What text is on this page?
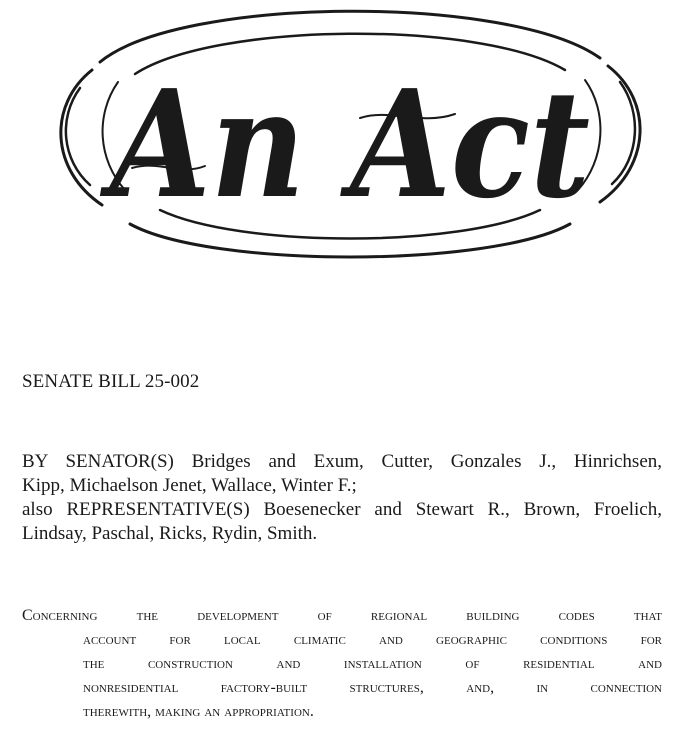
An Act
SENATE BILL 25-002
BY SENATOR(S) Bridges and Exum, Cutter, Gonzales J., Hinrichsen,
Kipp, Michaelson Jenet, Wallace, Winter F.;
also REPRESENTATIVE(S) Boesenecker and Stewart R., Brown, Froelich,
Lindsay, Paschal, Ricks, Rydin, Smith.
Concerning the development of regional building codes that
account for local climatic and geographic conditions for
the construction and installation of residential and
nonresidential factory-built structures, and, in connection
therewith, making an appropriation.
